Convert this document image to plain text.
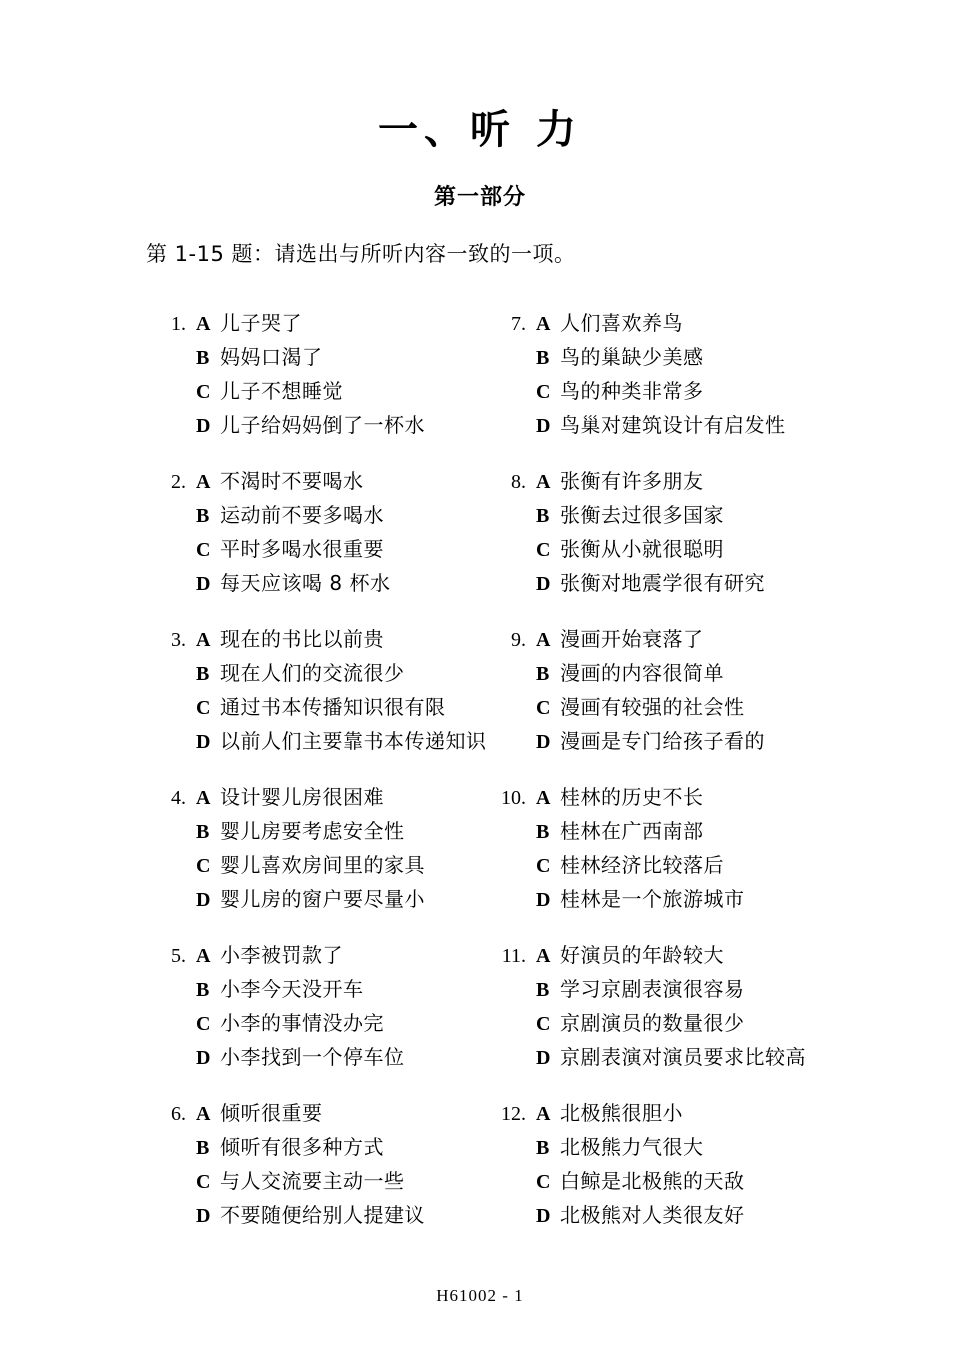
一、听 力
第一部分

第 1-15 题：请选出与所听内容一致的一项。

1. A 儿子哭了
B 妈妈口渴了
C 儿子不想睡觉
D 儿子给妈妈倒了一杯水
2. A 不渴时不要喝水
B 运动前不要多喝水
C 平时多喝水很重要
D 每天应该喝 8 杯水
3. A 现在的书比以前贵
B 现在人们的交流很少
C 通过书本传播知识很有限
D 以前人们主要靠书本传递知识
4. A 设计婴儿房很困难
B 婴儿房要考虑安全性
C 婴儿喜欢房间里的家具
D 婴儿房的窗户要尽量小
5. A 小李被罚款了
B 小李今天没开车
C 小李的事情没办完
D 小李找到一个停车位
6. A 倾听很重要
B 倾听有很多种方式
C 与人交流要主动一些
D 不要随便给别人提建议
7. A 人们喜欢养鸟
B 鸟的巢缺少美感
C 鸟的种类非常多
D 鸟巢对建筑设计有启发性
8. A 张衡有许多朋友
B 张衡去过很多国家
C 张衡从小就很聪明
D 张衡对地震学很有研究
9. A 漫画开始衰落了
B 漫画的内容很简单
C 漫画有较强的社会性
D 漫画是专门给孩子看的
10. A 桂林的历史不长
B 桂林在广西南部
C 桂林经济比较落后
D 桂林是一个旅游城市
11. A 好演员的年龄较大
B 学习京剧表演很容易
C 京剧演员的数量很少
D 京剧表演对演员要求比较高
12. A 北极熊很胆小
B 北极熊力气很大
C 白鲸是北极熊的天敌
D 北极熊对人类很友好
H61002 - 1
